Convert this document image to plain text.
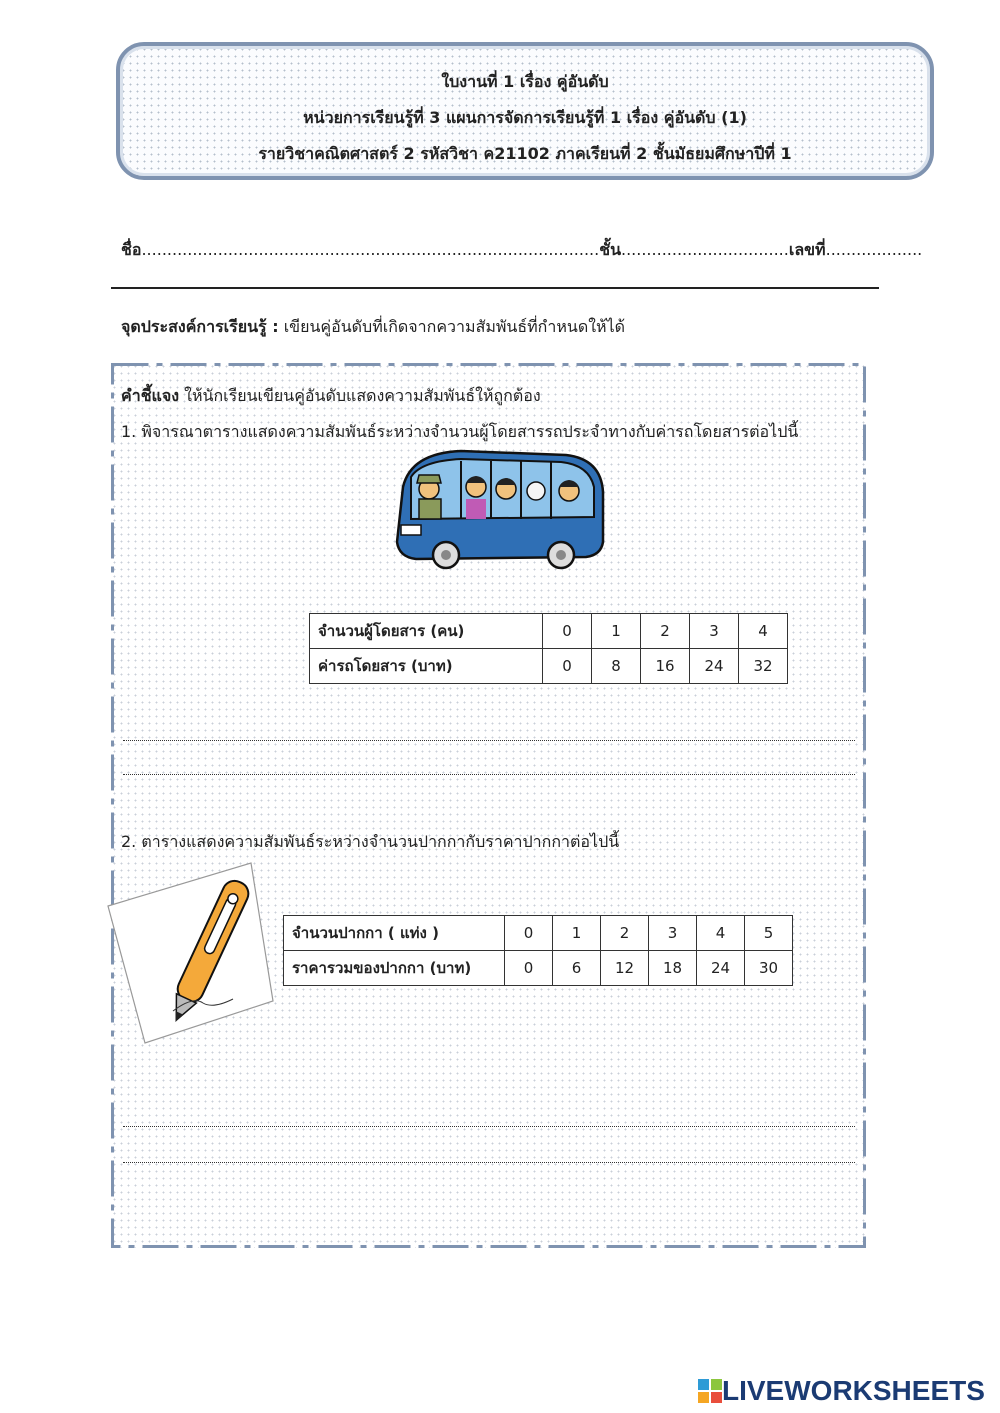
ใบงานที่ 1 เรื่อง คู่อันดับ
หน่วยการเรียนรู้ที่ 3 แผนการจัดการเรียนรู้ที่ 1 เรื่อง คู่อันดับ (1)
รายวิชาคณิตศาสตร์ 2 รหัสวิชา ค21102 ภาคเรียนที่ 2 ชั้นมัธยมศึกษาปีที่ 1
ชื่อ..........................................................................................ชั้น.................................เลขที่...................
จุดประสงค์การเรียนรู้ : เขียนคู่อันดับที่เกิดจากความสัมพันธ์ที่กำหนดให้ได้
คำชี้แจง ให้นักเรียนเขียนคู่อันดับแสดงความสัมพันธ์ให้ถูกต้อง
1. พิจารณาตารางแสดงความสัมพันธ์ระหว่างจำนวนผู้โดยสารรถประจำทางกับค่ารถโดยสารต่อไปนี้
จำนวนผู้โดยสาร (คน)	0	1	2	3	4
ค่ารถโดยสาร (บาท)	0	8	16	24	32
2. ตารางแสดงความสัมพันธ์ระหว่างจำนวนปากกากับราคาปากกาต่อไปนี้
จำนวนปากกา ( แท่ง )	0	1	2	3	4	5
ราคารวมของปากกา (บาท)	0	6	12	18	24	30
LIVEWORKSHEETS
